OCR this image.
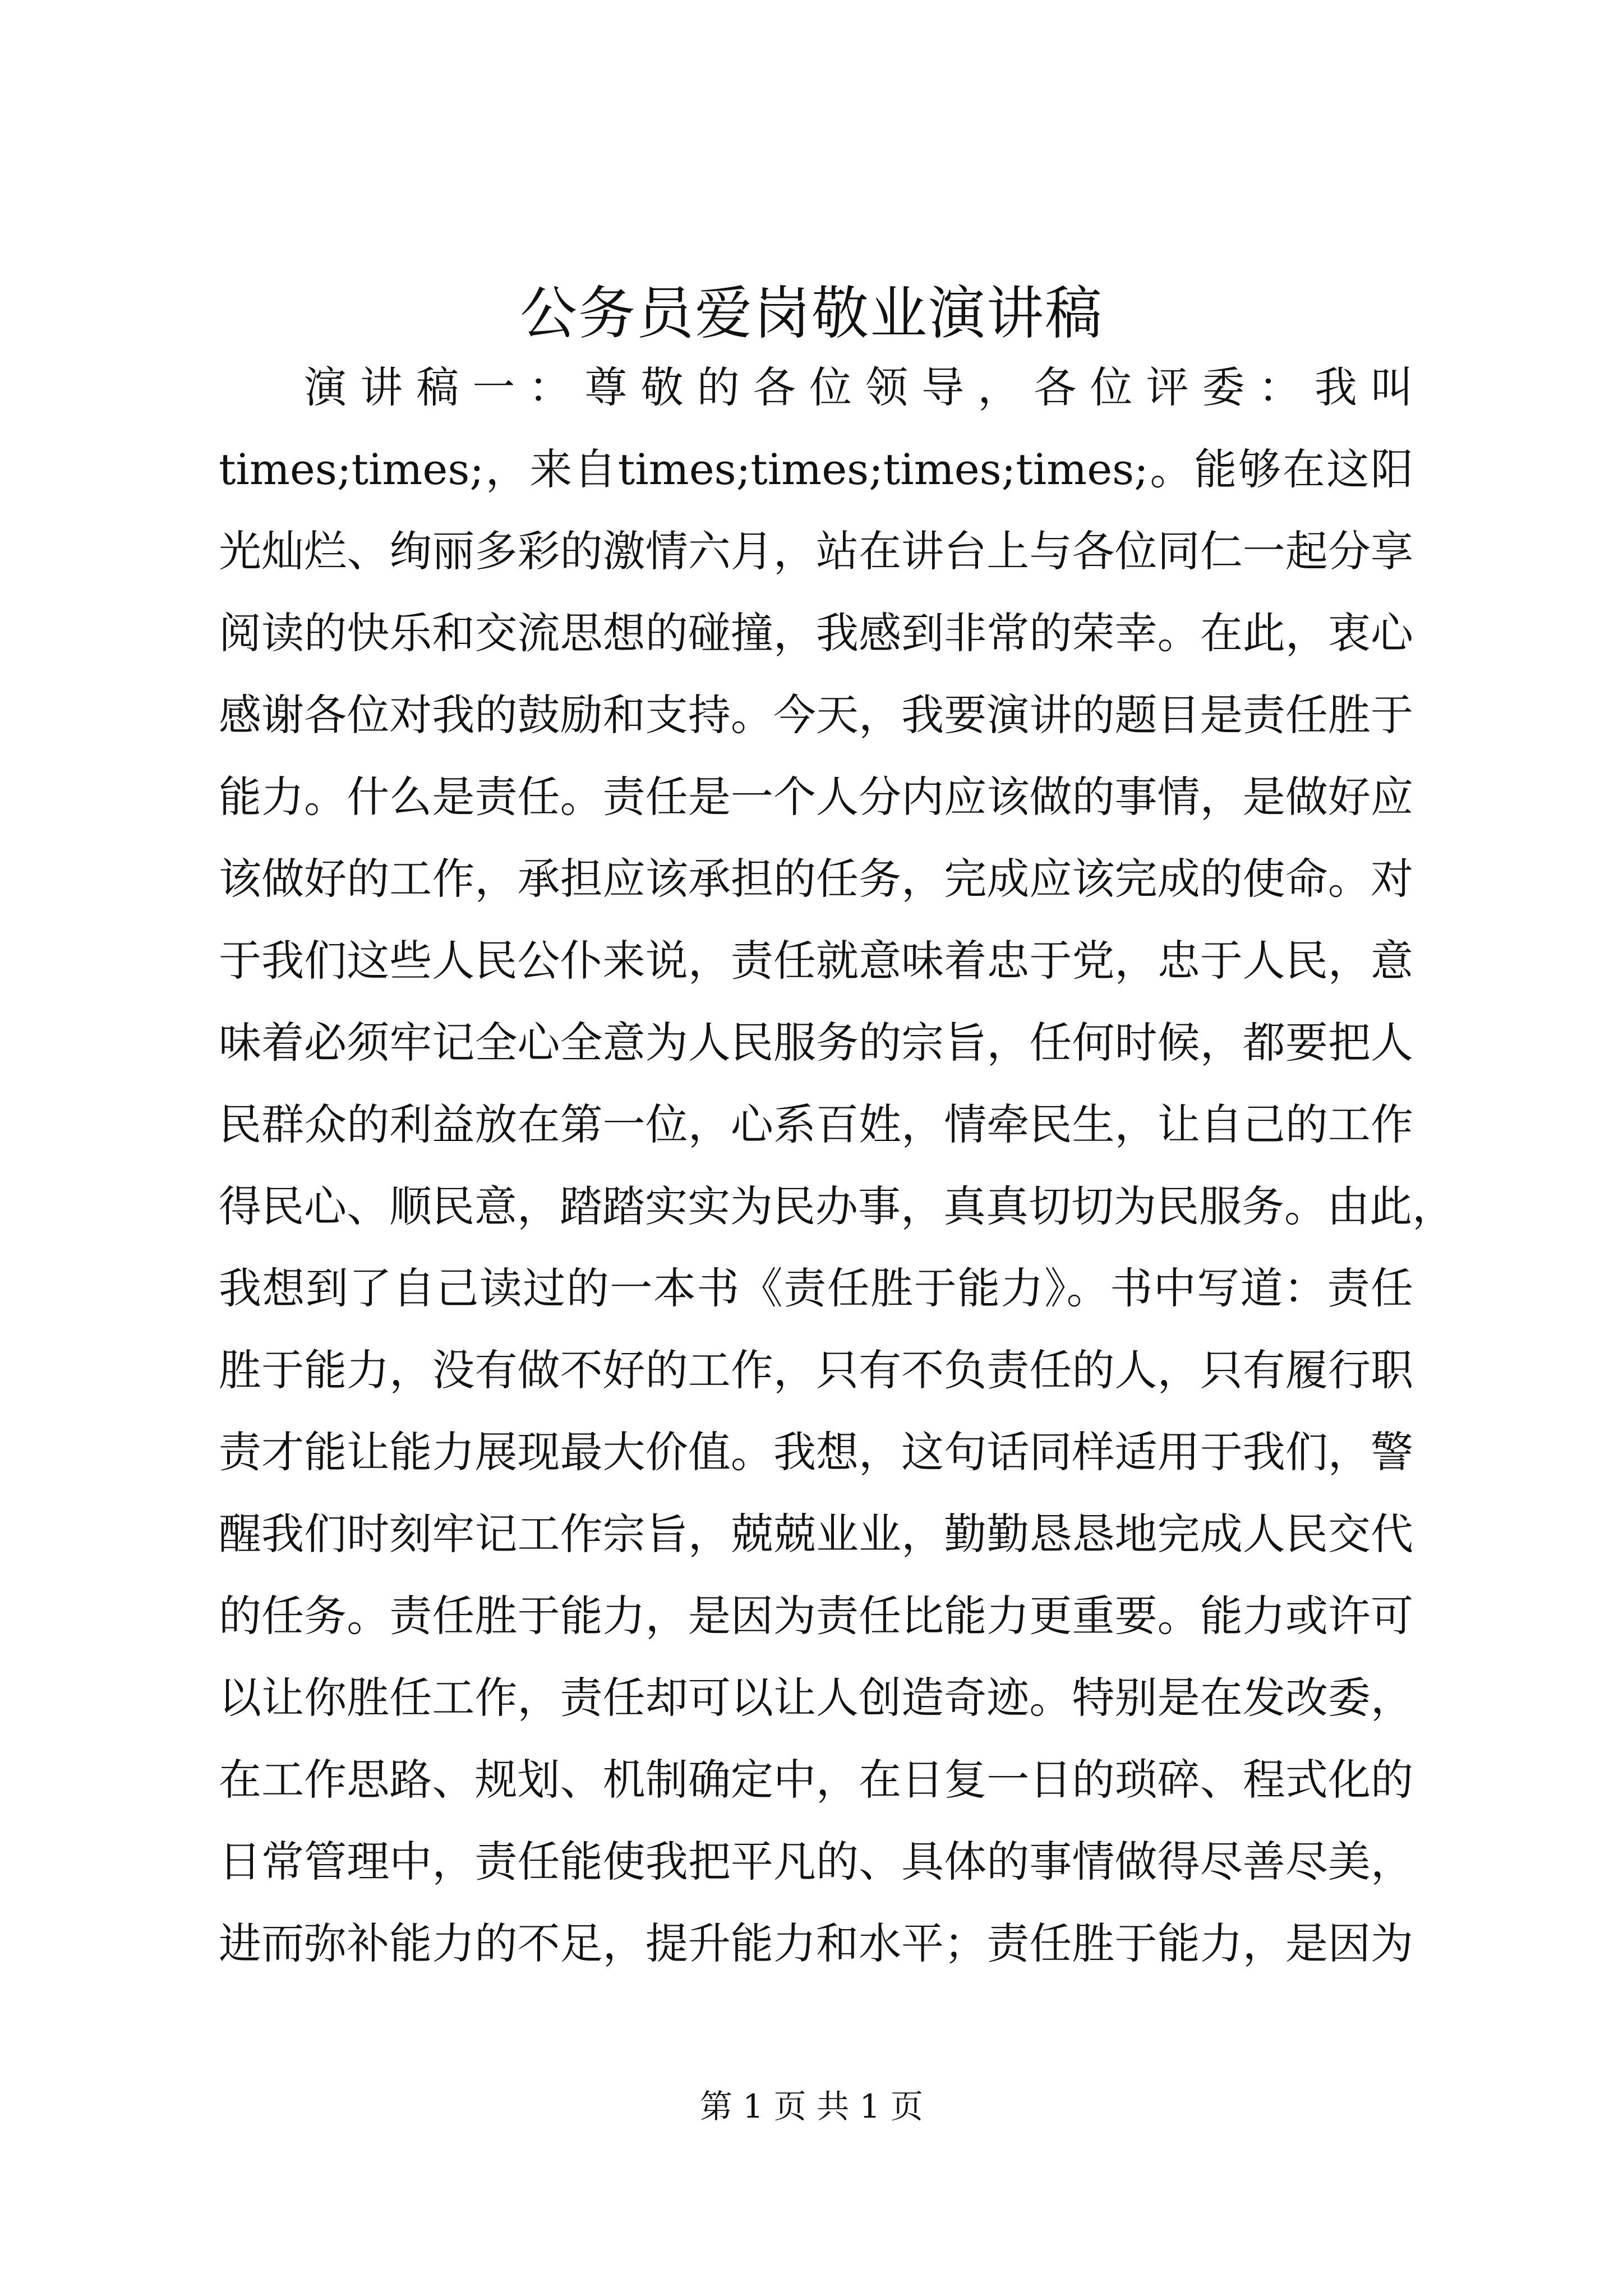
公务员爱岗敬业演讲稿
演讲稿一：尊敬的各位领导，各位评委：我叫
times;times;，来自times;times;times;times;。能够在这阳
光灿烂、绚丽多彩的激情六月，站在讲台上与各位同仁一起分享
阅读的快乐和交流思想的碰撞，我感到非常的荣幸。在此，衷心
感谢各位对我的鼓励和支持。今天，我要演讲的题目是责任胜于
能力。什么是责任。责任是一个人分内应该做的事情，是做好应
该做好的工作，承担应该承担的任务，完成应该完成的使命。对
于我们这些人民公仆来说，责任就意味着忠于党，忠于人民，意
味着必须牢记全心全意为人民服务的宗旨，任何时候，都要把人
民群众的利益放在第一位，心系百姓，情牵民生，让自己的工作
得民心、顺民意，踏踏实实为民办事，真真切切为民服务。由此，
我想到了自己读过的一本书《责任胜于能力》。书中写道：责任
胜于能力，没有做不好的工作，只有不负责任的人，只有履行职
责才能让能力展现最大价值。我想，这句话同样适用于我们，警
醒我们时刻牢记工作宗旨，兢兢业业，勤勤恳恳地完成人民交代
的任务。责任胜于能力，是因为责任比能力更重要。能力或许可
以让你胜任工作，责任却可以让人创造奇迹。特别是在发改委，
在工作思路、规划、机制确定中，在日复一日的琐碎、程式化的
日常管理中，责任能使我把平凡的、具体的事情做得尽善尽美，
进而弥补能力的不足，提升能力和水平；责任胜于能力，是因为
第 1 页 共 1 页
